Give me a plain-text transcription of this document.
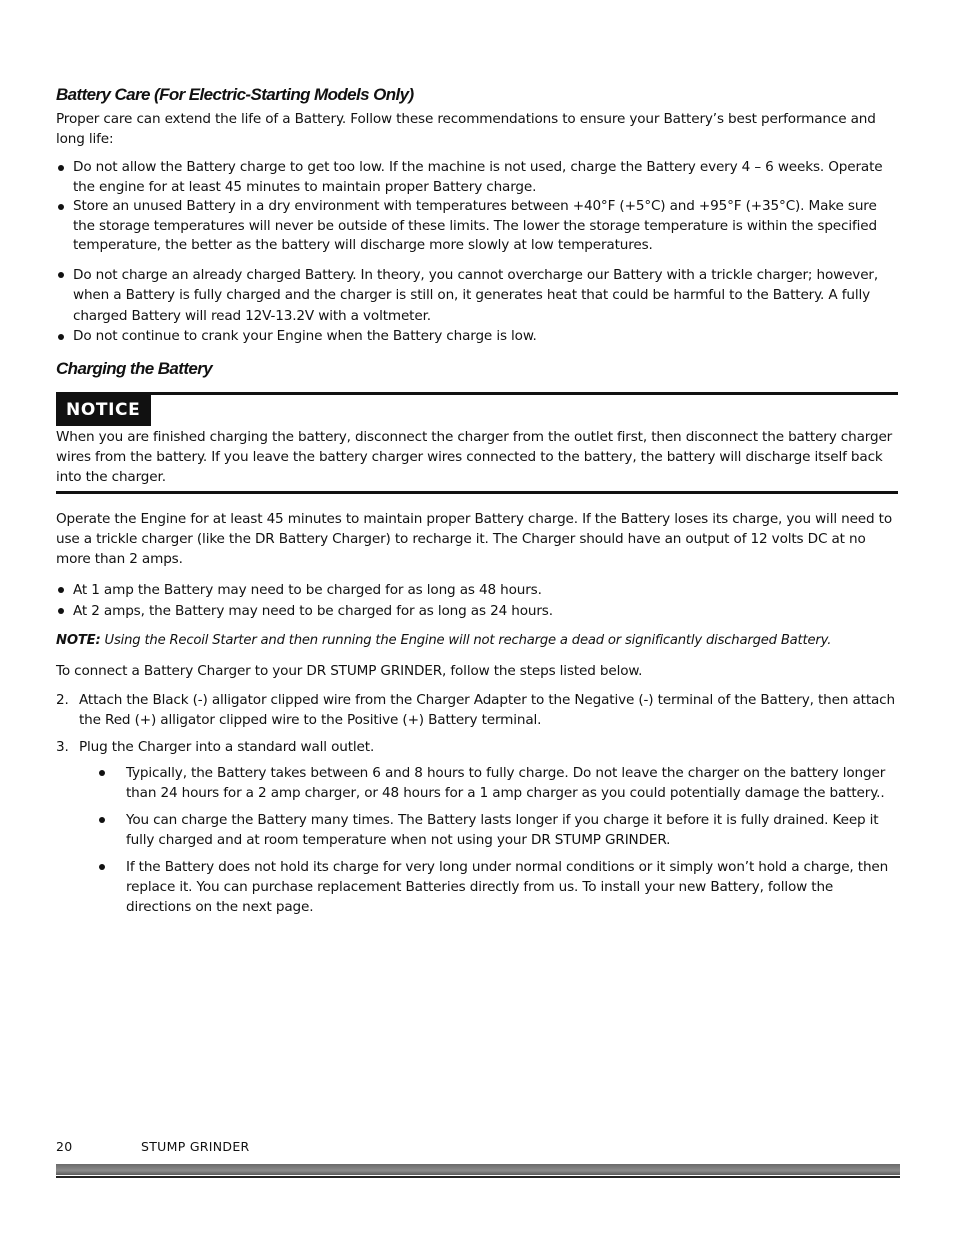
Battery Care (For Electric-Starting Models Only)

Proper care can extend the life of a Battery. Follow these recommendations to ensure your Battery’s best performance and long life:

Do not allow the Battery charge to get too low. If the machine is not used, charge the Battery every 4 – 6 weeks. Operate the engine for at least 45 minutes to maintain proper Battery charge.
Store an unused Battery in a dry environment with temperatures between +40°F (+5°C) and +95°F (+35°C). Make sure the storage temperatures will never be outside of these limits. The lower the storage temperature is within the specified temperature, the better as the battery will discharge more slowly at low temperatures.
Do not charge an already charged Battery. In theory, you cannot overcharge our Battery with a trickle charger; however, when a Battery is fully charged and the charger is still on, it generates heat that could be harmful to the Battery. A fully charged Battery will read 12V-13.2V with a voltmeter.
Do not continue to crank your Engine when the Battery charge is low.
Charging the Battery
NOTICE

When you are finished charging the battery, disconnect the charger from the outlet first, then disconnect the battery charger wires from the battery. If you leave the battery charger wires connected to the battery, the battery will discharge itself back into the charger.

Operate the Engine for at least 45 minutes to maintain proper Battery charge. If the Battery loses its charge, you will need to use a trickle charger (like the DR Battery Charger) to recharge it. The Charger should have an output of 12 volts DC at no more than 2 amps.

At 1 amp the Battery may need to be charged for as long as 48 hours.
At 2 amps, the Battery may need to be charged for as long as 24 hours.

NOTE: Using the Recoil Starter and then running the Engine will not recharge a dead or significantly discharged Battery.

To connect a Battery Charger to your DR STUMP GRINDER, follow the steps listed below.

2. Attach the Black (-) alligator clipped wire from the Charger Adapter to the Negative (-) terminal of the Battery, then attach the Red (+) alligator clipped wire to the Positive (+) Battery terminal.
3. Plug the Charger into a standard wall outlet.
Typically, the Battery takes between 6 and 8 hours to fully charge. Do not leave the charger on the battery longer than 24 hours for a 2 amp charger, or 48 hours for a 1 amp charger as you could potentially damage the battery..
You can charge the Battery many times. The Battery lasts longer if you charge it before it is fully drained. Keep it fully charged and at room temperature when not using your DR STUMP GRINDER.
If the Battery does not hold its charge for very long under normal conditions or it simply won’t hold a charge, then replace it. You can purchase replacement Batteries directly from us. To install your new Battery, follow the directions on the next page.
20	STUMP GRINDER
